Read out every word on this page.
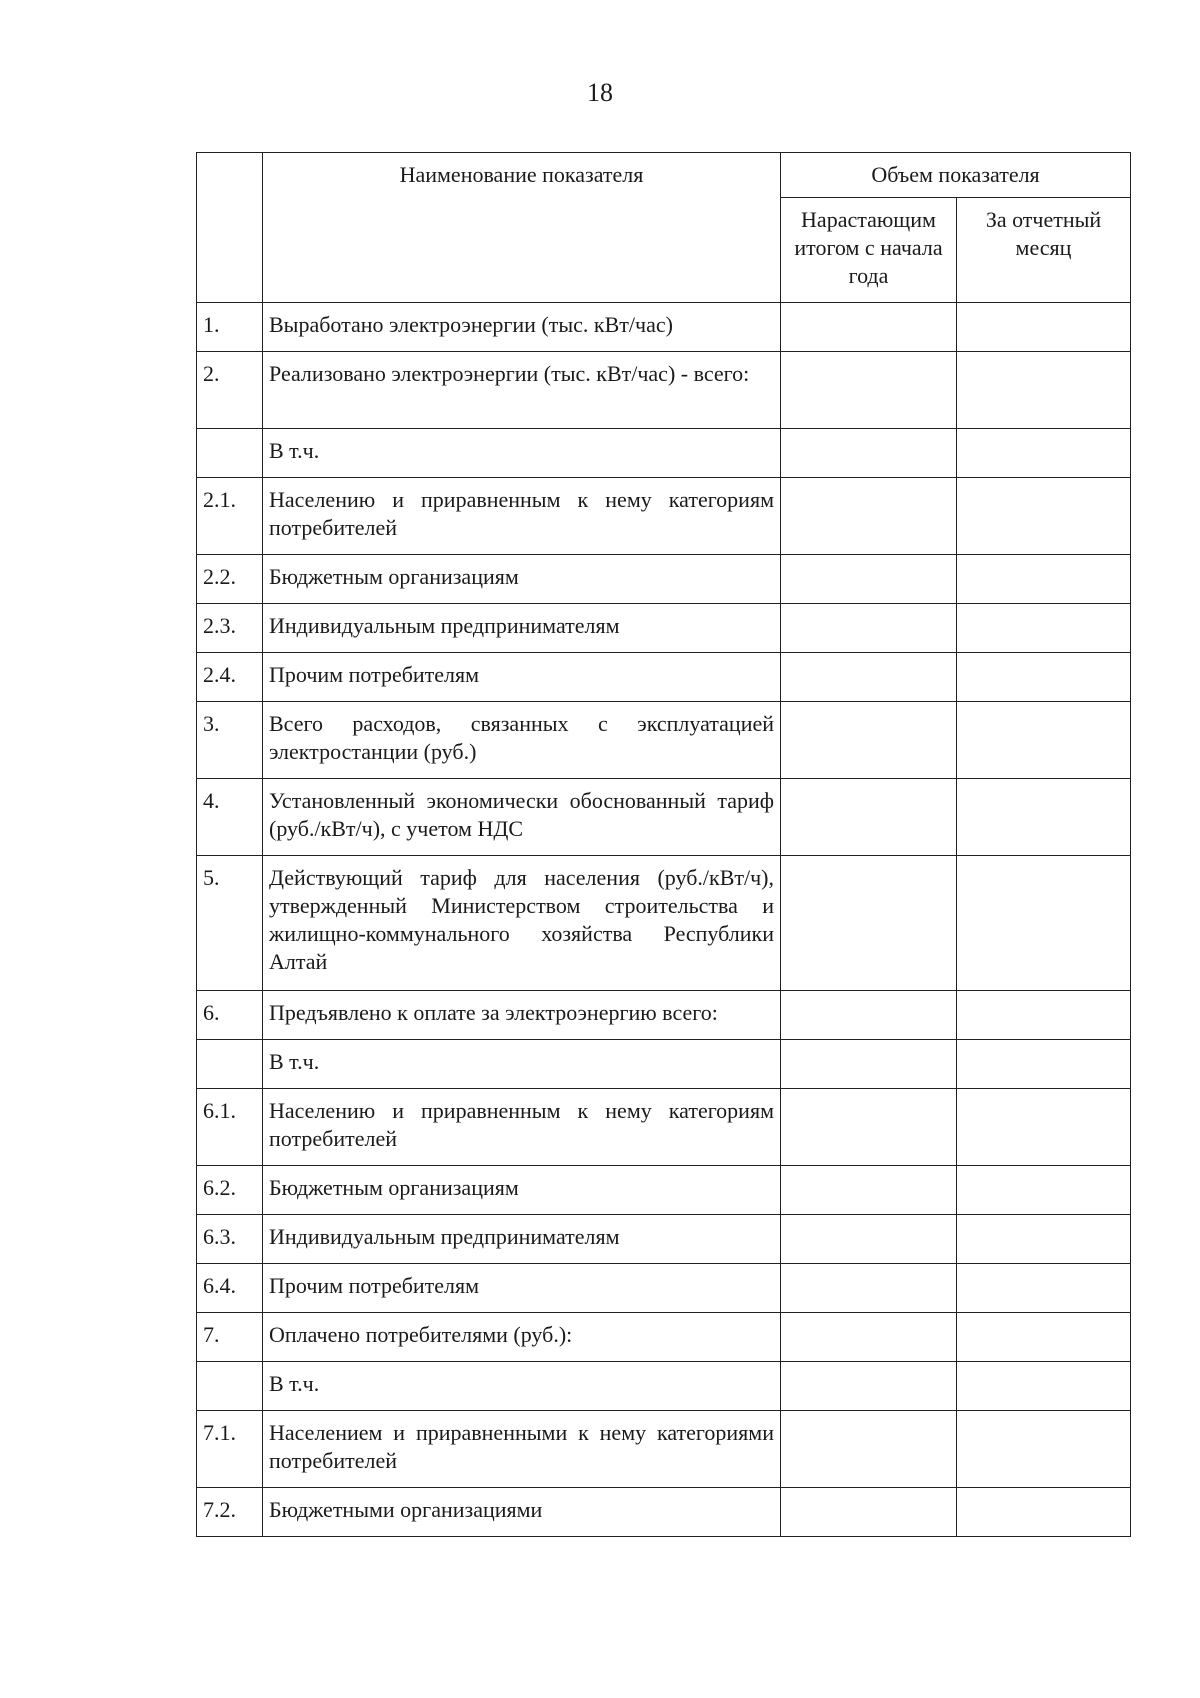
18
	Наименование показателя	Объем показателя	
		Нарастающим итогом с начала года	За отчетный месяц
1.	Выработано электроэнергии (тыс. кВт/час)		
2.	Реализовано электроэнергии (тыс. кВт/час) - всего:		
	В т.ч.		
2.1.	Населению и приравненным к нему категориям потребителей		
2.2.	Бюджетным организациям		
2.3.	Индивидуальным предпринимателям		
2.4.	Прочим потребителям		
3.	Всего расходов, связанных с эксплуатацией электростанции (руб.)		
4.	Установленный экономически обоснованный тариф (руб./кВт/ч), с учетом НДС		
5.	Действующий тариф для населения (руб./кВт/ч), утвержденный Министерством строительства и жилищно-коммунального хозяйства Республики Алтай		
6.	Предъявлено к оплате за электроэнергию всего:		
	В т.ч.		
6.1.	Населению и приравненным к нему категориям потребителей		
6.2.	Бюджетным организациям		
6.3.	Индивидуальным предпринимателям		
6.4.	Прочим потребителям		
7.	Оплачено потребителями (руб.):		
	В т.ч.		
7.1.	Населением и приравненными к нему категориями потребителей		
7.2.	Бюджетными организациями		
